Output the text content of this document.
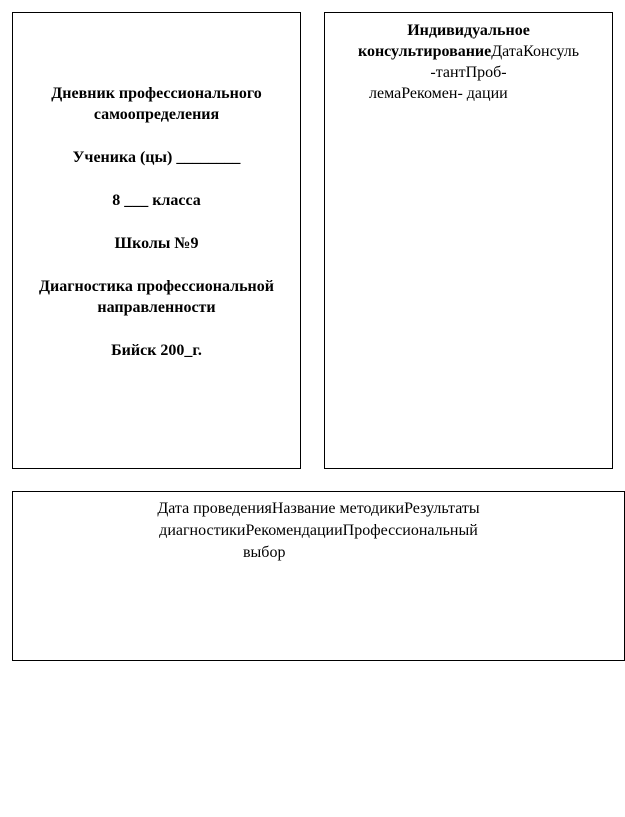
Дневник профессионального самоопределения

Ученика (цы) ________

8 ___ класса

Школы №9

Диагностика профессиональной направленности

Бийск 200_г.

Индивидуальное консультированиеДатаКонсуль
-тантПроб-
лемаРекомен- дации
Дата проведенияНазвание методикиРезультаты
диагностикиРекомендацииПрофессиональный
выбор
